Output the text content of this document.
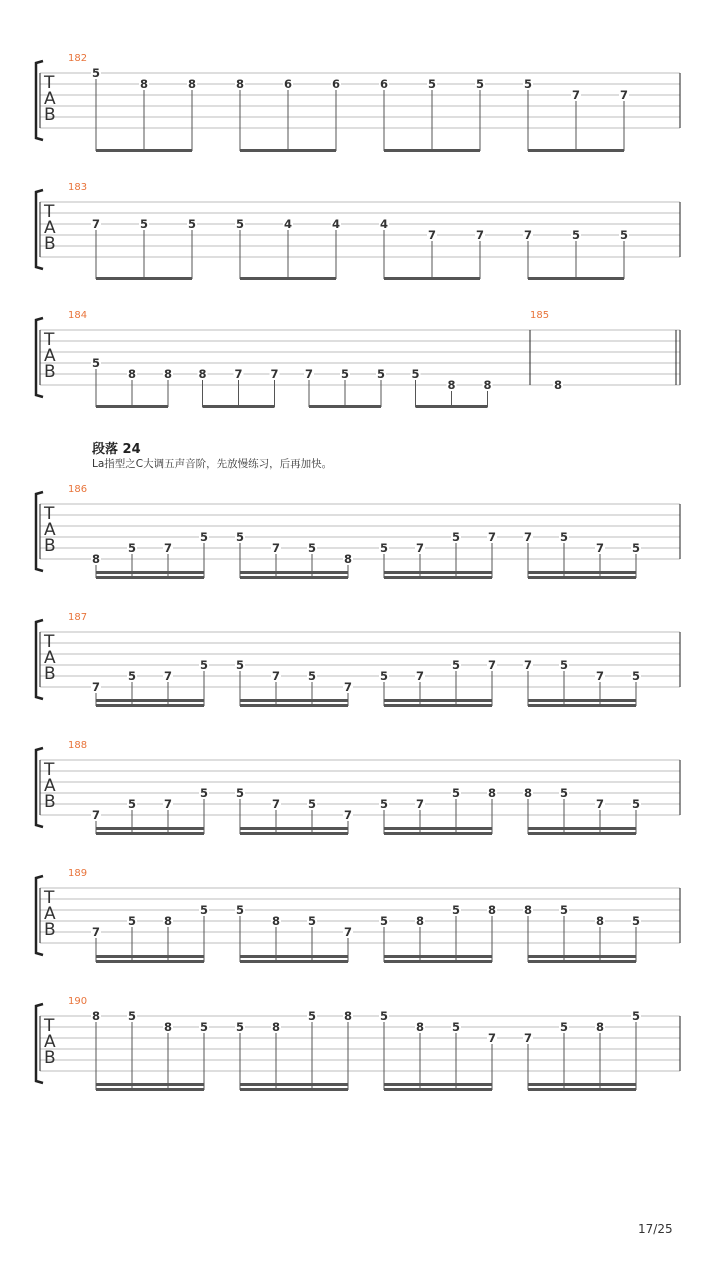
T
A
B
182
5
8	8	8	6	6	6	5	5	5
7	7
T
A
B
183
7	5	5	5	4	4	4
7	7	7	5	5
T
A
B
184	185
5
8 8 8 7 7 7 5 5 5
8 8	8
T
A
B
186
8
5 7
5 5
7 5
8
5 7
5 7 7 5
7 5
T
A
B
187
7
5 7
5 5
7 5
7
5 7
5 7 7 5
7 5
T
A
B
188
7
5 7
5 5
7 5
7
5 7
5 8 8 5
7 5
T
A
B
189
7
5 8
5 5
8 5
7
5 8
5 8 8 5
8 5
T
A
B
190
8 5
8 5 5 8
5 8 5
8 5
7 7
5 8
5
段落 24
La指型之C大调五声音阶，先放慢练习，后再加快。
17/25
